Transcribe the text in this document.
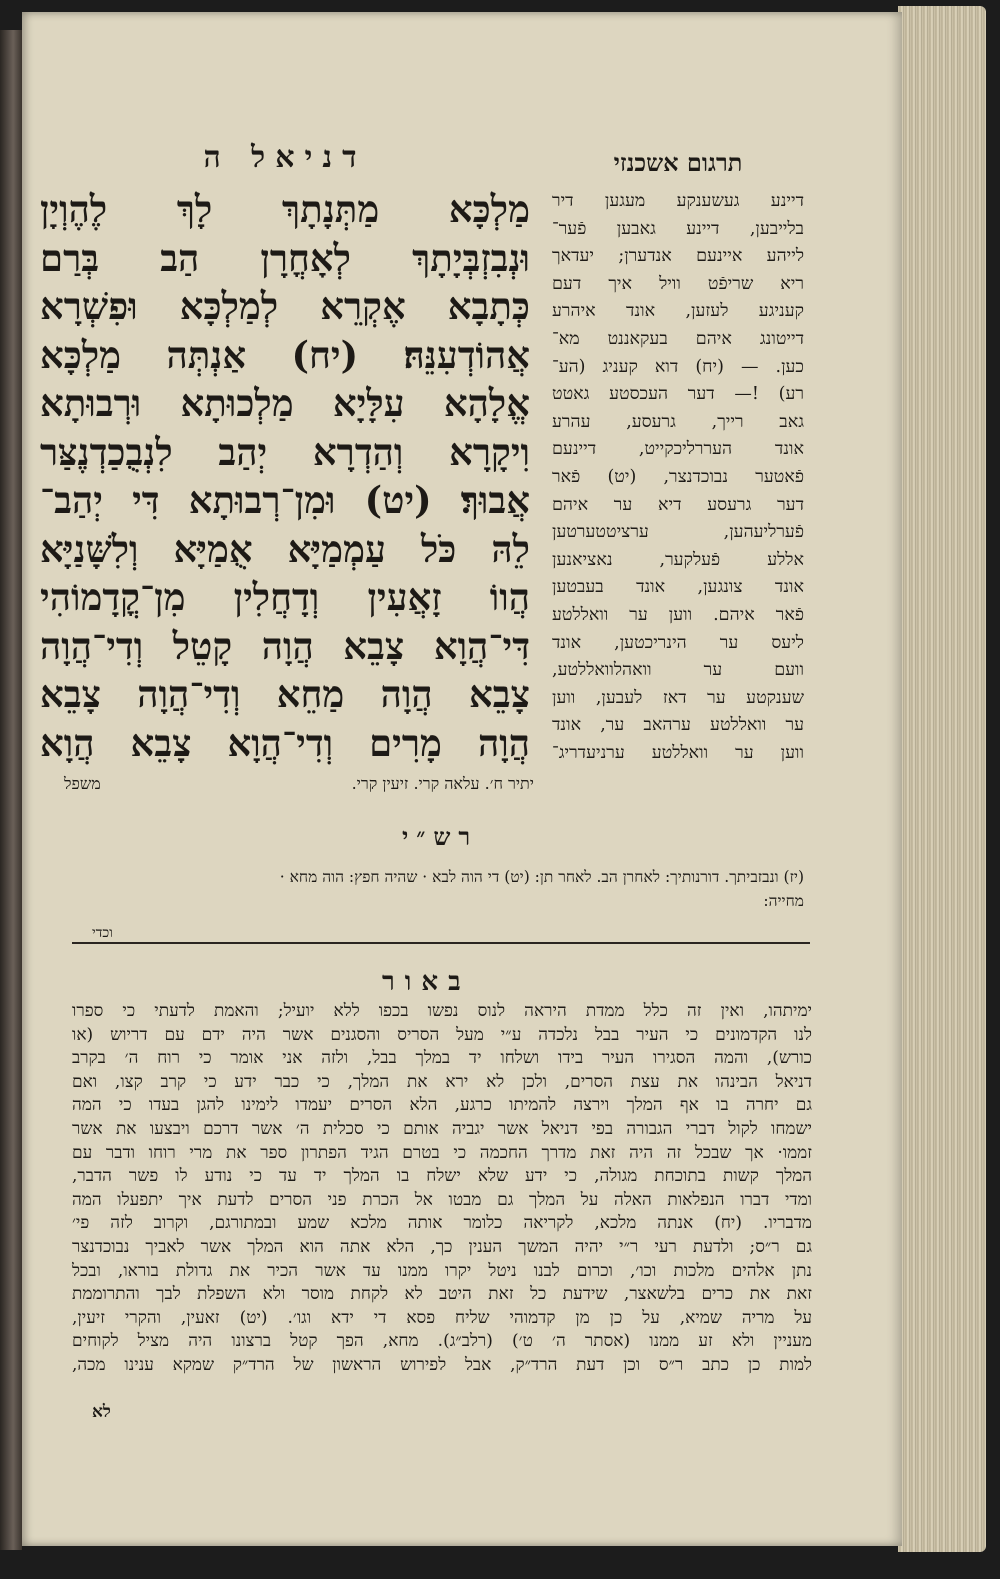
דניאל ה
מַלְכָּא מַתְּנָתָךְ לָךְ לֶהֶוְיָן
וּנְבִזְבְּיָתָךְ לְאָחֳרָן הַב בְּרַם
כְּתָבָא אֶקְרֵא לְמַלְכָּא וּפִשְׁרָא
אֲהוֹדְעִנֵּהּ׃ (יח) אַנְתְּה מַלְכָּא
אֱלָהָא עִלָּיָא מַלְכוּתָא וּרְבוּתָא
וִיקָרָא וְהַדְרָא יְהַב לִנְבֻכַדְנֶצַּר
אֲבוּךְ׃ (יט) וּמִן־רְבוּתָא דִּי יְהַב־
לֵהּ כֹּל עַמְמַיָּא אֻמַיָּא וְלִשָּׁנַיָּא
הֲווֹ זָאֲעִין וְדָחֲלִין מִן־קֳדָמוֹהִי
דִּי־הֲוָא צָבֵא הֲוָה קָטֵל וְדִי־הֲוָה
צָבֵא הֲוָה מַחֵא וְדִי־הֲוָה צָבֵא
הֲוָה מָרִים וְדִי־הֲוָא צָבֵא הֲוָא
יתיר ח׳. עלאה קרי. זיעין קרי.
משפל
רש״י
(יז) ונבזביתך. דורנותיך: לאחרן הב. לאחר תן: (יט) די הוה לבא · שהיה חפץ: הוה מחא ·
מחייה:
וכדי
תרגום אשכנזי
דיינע געשענקע מעגען דיר
בלייבען, דיינע גאבען פֿער־
לייהע איינעם אנדערן; יעדאך
ריא שריפֿט וויל איך דעם
קעניגע לעזען, אונד איהרע
דייטונג איהם בעקאננט מא־
כען. — (יח) דוא קעניג (הע־
רע) !— דער העכסטע גאטט
גאב רייך, גרעסע, עהרע
אונד העררליכקייט, דיינעם
פֿאטער נבוכדנצר, (יט) פֿאר
דער גרעסע דיא ער איהם
פֿערליעהען, ערציטטערטען
אללע פֿעלקער, נאציאנען
אונד צונגען, אונד בעבטען
פֿאר איהם. ווען ער וואללטע
ליעס ער הינריכטען, אונד
וועם ער וואהלוואללטע,
שענקטע ער דאז לעבען, ווען
ער וואללטע ערהאב ער, אונד
ווען ער וואללטע ערניעדריג־
באור
ימיתהו, ואין זה כלל ממדת היראה לנוס נפשו בכפו ללא יועיל; והאמת לדעתי כי ספרו
לנו הקדמונים כי העיר בבל נלכדה ע״י מעל הסריס והסגנים אשר היה ידם עם דריוש (או
כורש), והמה הסגירו העיר בידו ושלחו יד במלך בבל, ולזה אני אומר כי רוח ה׳ בקרב
דניאל הבינהו את עצת הסרים, ולכן לא ירא את המלך, כי כבר ידע כי קרב קצו, ואם
גם יחרה בו אף המלך וירצה להמיתו כרגע, הלא הסרים יעמדו לימינו להגן בעדו כי המה
ישמחו לקול דברי הגבורה בפי דניאל אשר יגביה אותם כי סכלית ה׳ אשר דרכם ויבצעו את אשר
זממו· אך שבכל זה היה זאת מדרך החכמה כי בטרם הגיד הפתרון ספר את מרי רוחו ודבר עם
המלך קשות בתוכחת מגולה, כי ידע שלא ישלח בו המלך יד עד כי נודע לו פשר הדבר,
ומדי דברו הנפלאות האלה על המלך גם מבטו אל הכרת פני הסרים לדעת איך יתפעלו המה
מדבריו. (יח) אנתה מלכא, לקריאה כלומר אותה מלכא שמע ובמתורגם, וקרוב לזה פי׳
גם ר״ס; ולדעת רעי ר״י יהיה המשך הענין כך, הלא אתה הוא המלך אשר לאביך נבוכדנצר
נתן אלהים מלכות וכו׳, וכרום לבנו ניטל יקרו ממנו עד אשר הכיר את גדולת בוראו, ובכל
זאת את כרים בלשאצר, שידעת כל זאת היטב לא לקחת מוסר ולא השפלת לבך והתרוממת
על מריה שמיא, על כן מן קדמוהי שליח פסא די ידא וגו׳. (יט) זאעין, והקרי זיעין,
מעניין ולא זע ממנו (אסתר ה׳ ט׳) (רלב״ג). מחא, הפך קטל ברצונו היה מציל לקוחים
למות כן כתב ר״ס וכן דעת הרד״ק, אבל לפירוש הראשון של הרד״ק שמקא ענינו מכה,
לא
